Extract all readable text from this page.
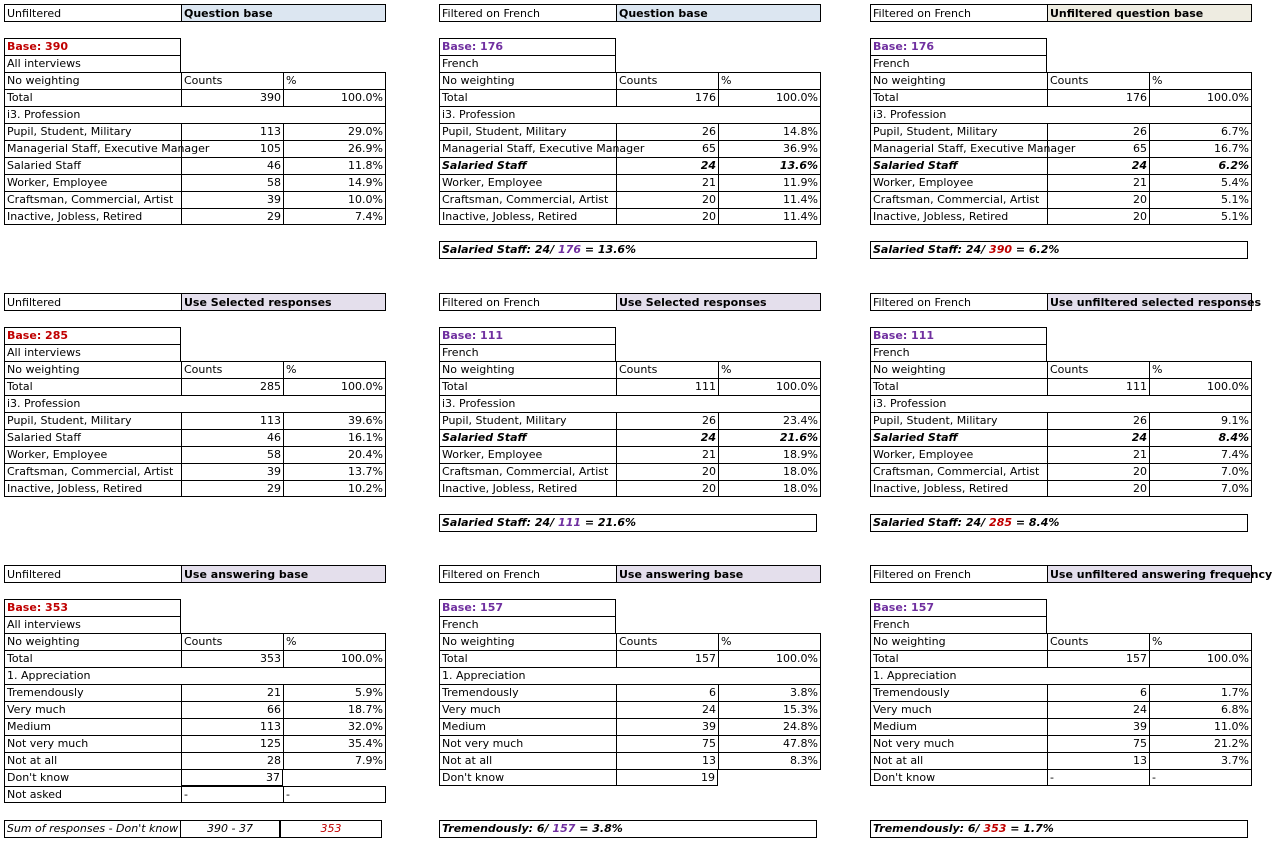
Unfiltered	Question base
Base: 390
All interviews
No weighting	Counts	%
Total	390	100.0%
i3. Profession
Pupil, Student, Military	113	29.0%
Managerial Staff, Executive Manager	105	26.9%
Salaried Staff	46	11.8%
Worker, Employee	58	14.9%
Craftsman, Commercial, Artist	39	10.0%
Inactive, Jobless, Retired	29	7.4%
Filtered on French	Question base
Base: 176
French
No weighting	Counts	%
Total	176	100.0%
i3. Profession
Pupil, Student, Military	26	14.8%
Managerial Staff, Executive Manager	65	36.9%
Salaried Staff	24	13.6%
Worker, Employee	21	11.9%
Craftsman, Commercial, Artist	20	11.4%
Inactive, Jobless, Retired	20	11.4%
Salaried Staff: 24/ 176 = 13.6%
Filtered on French	Unfiltered question base
Base: 176
French
No weighting	Counts	%
Total	176	100.0%
i3. Profession
Pupil, Student, Military	26	6.7%
Managerial Staff, Executive Manager	65	16.7%
Salaried Staff	24	6.2%
Worker, Employee	21	5.4%
Craftsman, Commercial, Artist	20	5.1%
Inactive, Jobless, Retired	20	5.1%
Salaried Staff: 24/ 390 = 6.2%
Unfiltered	Use Selected responses
Base: 285
All interviews
No weighting	Counts	%
Total	285	100.0%
i3. Profession
Pupil, Student, Military	113	39.6%
Salaried Staff	46	16.1%
Worker, Employee	58	20.4%
Craftsman, Commercial, Artist	39	13.7%
Inactive, Jobless, Retired	29	10.2%
Filtered on French	Use Selected responses
Base: 111
French
No weighting	Counts	%
Total	111	100.0%
i3. Profession
Pupil, Student, Military	26	23.4%
Salaried Staff	24	21.6%
Worker, Employee	21	18.9%
Craftsman, Commercial, Artist	20	18.0%
Inactive, Jobless, Retired	20	18.0%
Salaried Staff: 24/ 111 = 21.6%
Filtered on French	Use unfiltered selected responses
Base: 111
French
No weighting	Counts	%
Total	111	100.0%
i3. Profession
Pupil, Student, Military	26	9.1%
Salaried Staff	24	8.4%
Worker, Employee	21	7.4%
Craftsman, Commercial, Artist	20	7.0%
Inactive, Jobless, Retired	20	7.0%
Salaried Staff: 24/ 285 = 8.4%
Unfiltered	Use answering base
Base: 353
All interviews
No weighting	Counts	%
Total	353	100.0%
1. Appreciation
Tremendously	21	5.9%
Very much	66	18.7%
Medium	113	32.0%
Not very much	125	35.4%
Not at all	28	7.9%
Don't know	37
Not asked	-	-
Sum of responses - Don't know	390 - 37	353
Filtered on French	Use answering base
Base: 157
French
No weighting	Counts	%
Total	157	100.0%
1. Appreciation
Tremendously	6	3.8%
Very much	24	15.3%
Medium	39	24.8%
Not very much	75	47.8%
Not at all	13	8.3%
Don't know	19
Tremendously: 6/ 157 = 3.8%
Filtered on French	Use unfiltered answering frequency
Base: 157
French
No weighting	Counts	%
Total	157	100.0%
1. Appreciation
Tremendously	6	1.7%
Very much	24	6.8%
Medium	39	11.0%
Not very much	75	21.2%
Not at all	13	3.7%
Don't know	-	-
Tremendously: 6/ 353 = 1.7%
